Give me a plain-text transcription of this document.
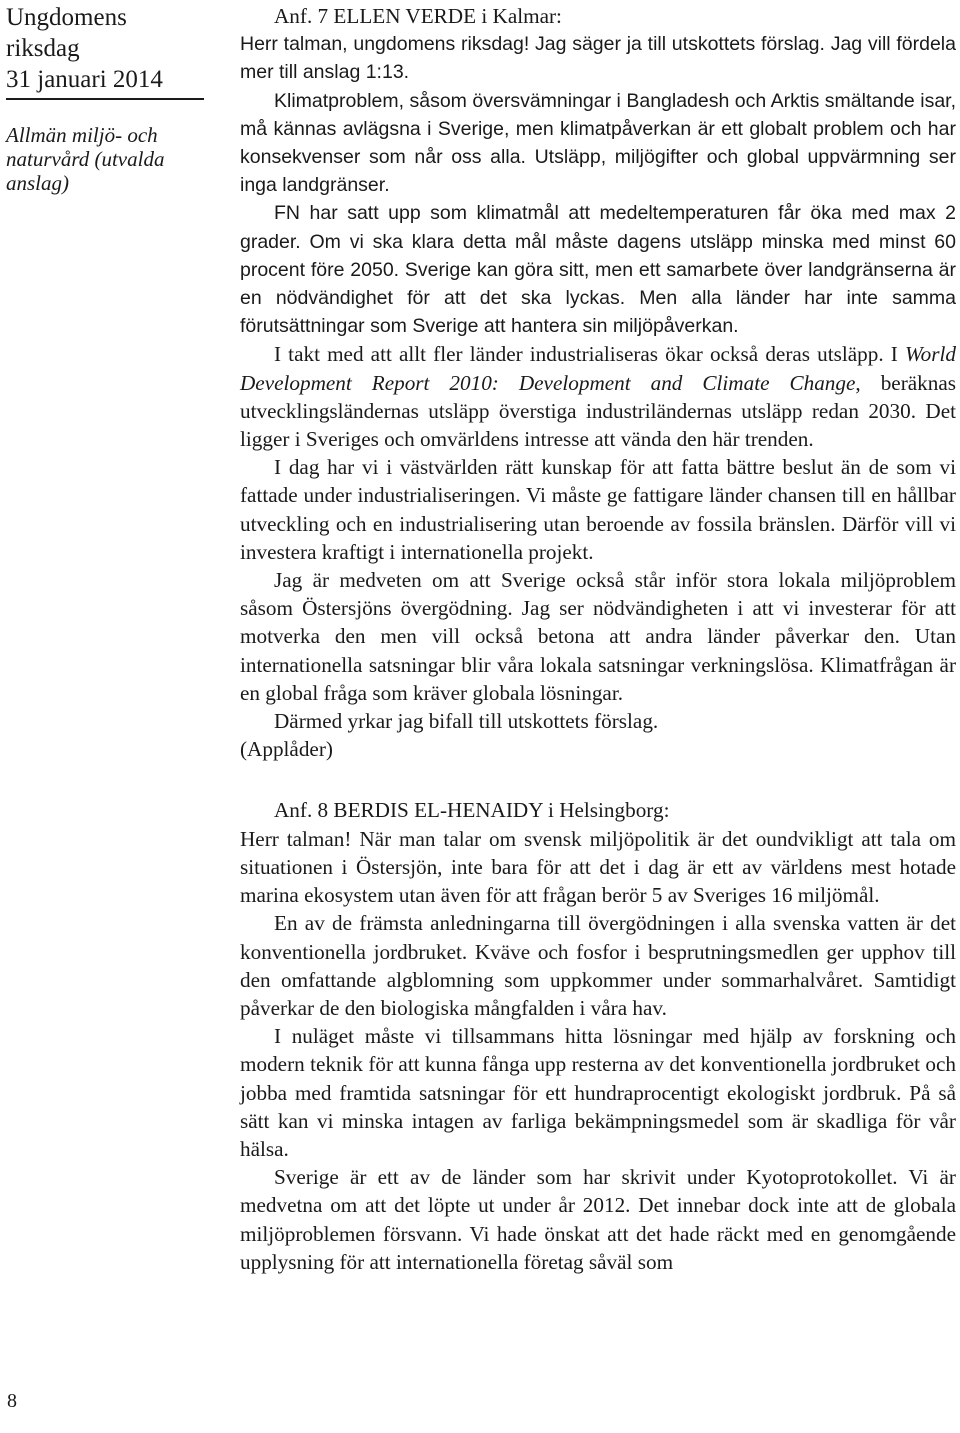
Ungdomens
riksdag
31 januari 2014
Allmän miljö- och naturvård (utvalda anslag)
8
Anf. 7 ELLEN VERDE i Kalmar:

Herr talman, ungdomens riksdag! Jag säger ja till utskottets förslag. Jag vill fördela mer till anslag 1:13.

Klimatproblem, såsom översvämningar i Bangladesh och Arktis smältande isar, må kännas avlägsna i Sverige, men klimatpåverkan är ett globalt problem och har konsekvenser som når oss alla. Utsläpp, miljögifter och global uppvärmning ser inga landgränser.

FN har satt upp som klimatmål att medeltemperaturen får öka med max 2 grader. Om vi ska klara detta mål måste dagens utsläpp minska med minst 60 procent före 2050. Sverige kan göra sitt, men ett samarbete över landgränserna är en nödvändighet för att det ska lyckas. Men alla länder har inte samma förutsättningar som Sverige att hantera sin miljöpåverkan.

I takt med att allt fler länder industrialiseras ökar också deras utsläpp. I World Development Report 2010: Development and Climate Change, beräknas utvecklingsländernas utsläpp överstiga industriländernas utsläpp redan 2030. Det ligger i Sveriges och omvärldens intresse att vända den här trenden.

I dag har vi i västvärlden rätt kunskap för att fatta bättre beslut än de som vi fattade under industrialiseringen. Vi måste ge fattigare länder chansen till en hållbar utveckling och en industrialisering utan beroende av fossila bränslen. Därför vill vi investera kraftigt i internationella projekt.

Jag är medveten om att Sverige också står inför stora lokala miljöproblem såsom Östersjöns övergödning. Jag ser nödvändigheten i att vi investerar för att motverka den men vill också betona att andra länder påverkar den. Utan internationella satsningar blir våra lokala satsningar verkningslösa. Klimatfrågan är en global fråga som kräver globala lösningar.

Därmed yrkar jag bifall till utskottets förslag.

(Applåder)

Anf. 8 BERDIS EL-HENAIDY i Helsingborg:

Herr talman! När man talar om svensk miljöpolitik är det oundvikligt att tala om situationen i Östersjön, inte bara för att det i dag är ett av världens mest hotade marina ekosystem utan även för att frågan berör 5 av Sveriges 16 miljömål.

En av de främsta anledningarna till övergödningen i alla svenska vatten är det konventionella jordbruket. Kväve och fosfor i besprutningsmedlen ger upphov till den omfattande algblomning som uppkommer under sommarhalvåret. Samtidigt påverkar de den biologiska mångfalden i våra hav.

I nuläget måste vi tillsammans hitta lösningar med hjälp av forskning och modern teknik för att kunna fånga upp resterna av det konventionella jordbruket och jobba med framtida satsningar för ett hundraprocentigt ekologiskt jordbruk. På så sätt kan vi minska intagen av farliga bekämpningsmedel som är skadliga för vår hälsa.

Sverige är ett av de länder som har skrivit under Kyotoprotokollet. Vi är medvetna om att det löpte ut under år 2012. Det innebar dock inte att de globala miljöproblemen försvann. Vi hade önskat att det hade räckt med en genomgående upplysning för att internationella företag såväl som
